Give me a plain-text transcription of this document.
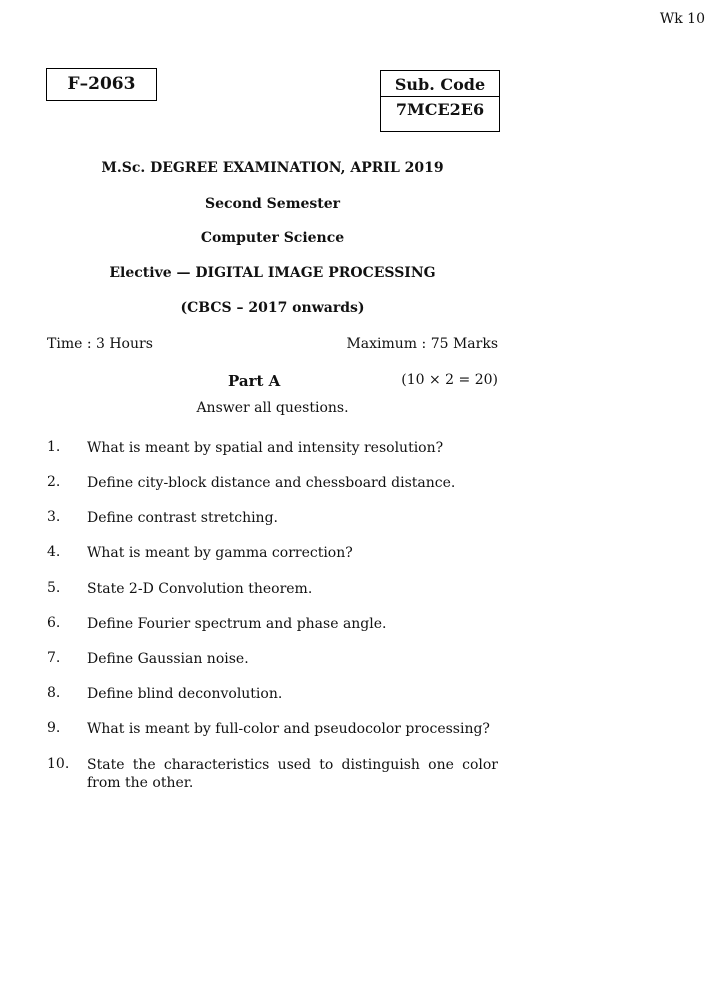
Wk 10
F–2063	Sub. Code
7MCE2E6
M.Sc. DEGREE EXAMINATION, APRIL 2019
Second Semester
Computer Science
Elective — DIGITAL IMAGE PROCESSING
(CBCS – 2017 onwards)
Time : 3 Hours	Maximum : 75 Marks
Part A	(10 × 2 = 20)
Answer all questions.
1. What is meant by spatial and intensity resolution?
2. Define city-block distance and chessboard distance.
3. Define contrast stretching.
4. What is meant by gamma correction?
5. State 2-D Convolution theorem.
6. Define Fourier spectrum and phase angle.
7. Define Gaussian noise.
8. Define blind deconvolution.
9. What is meant by full-color and pseudocolor processing?
10. State the characteristics used to distinguish one color from the other.
